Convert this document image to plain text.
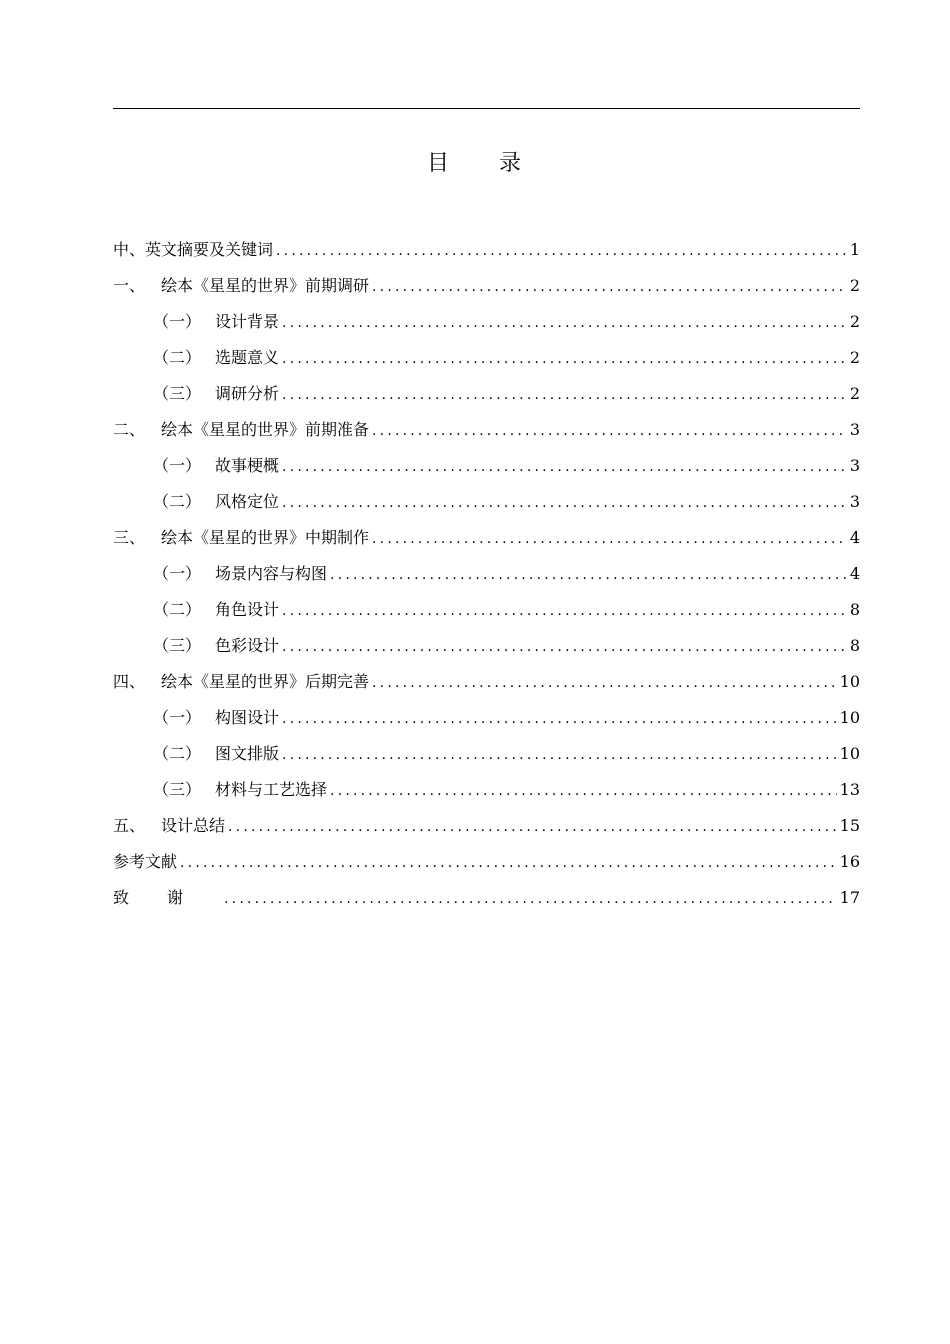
目 录
中、英文摘要及关键词 .....	1
一、 绘本《星星的世界》前期调研 .....	2
（一） 设计背景 .....	2
（二） 选题意义 .....	2
（三） 调研分析 .....	2
二、 绘本《星星的世界》前期准备 .....	3
（一） 故事梗概 .....	3
（二） 风格定位 .....	3
三、 绘本《星星的世界》中期制作 .....	4
（一） 场景内容与构图 .....	4
（二） 角色设计 .....	8
（三） 色彩设计 .....	8
四、 绘本《星星的世界》后期完善 .....	10
（一） 构图设计 .....	10
（二） 图文排版 .....	10
（三） 材料与工艺选择 .....	13
五、 设计总结 .....	15
参考文献 .....	16
致谢 .....	17
